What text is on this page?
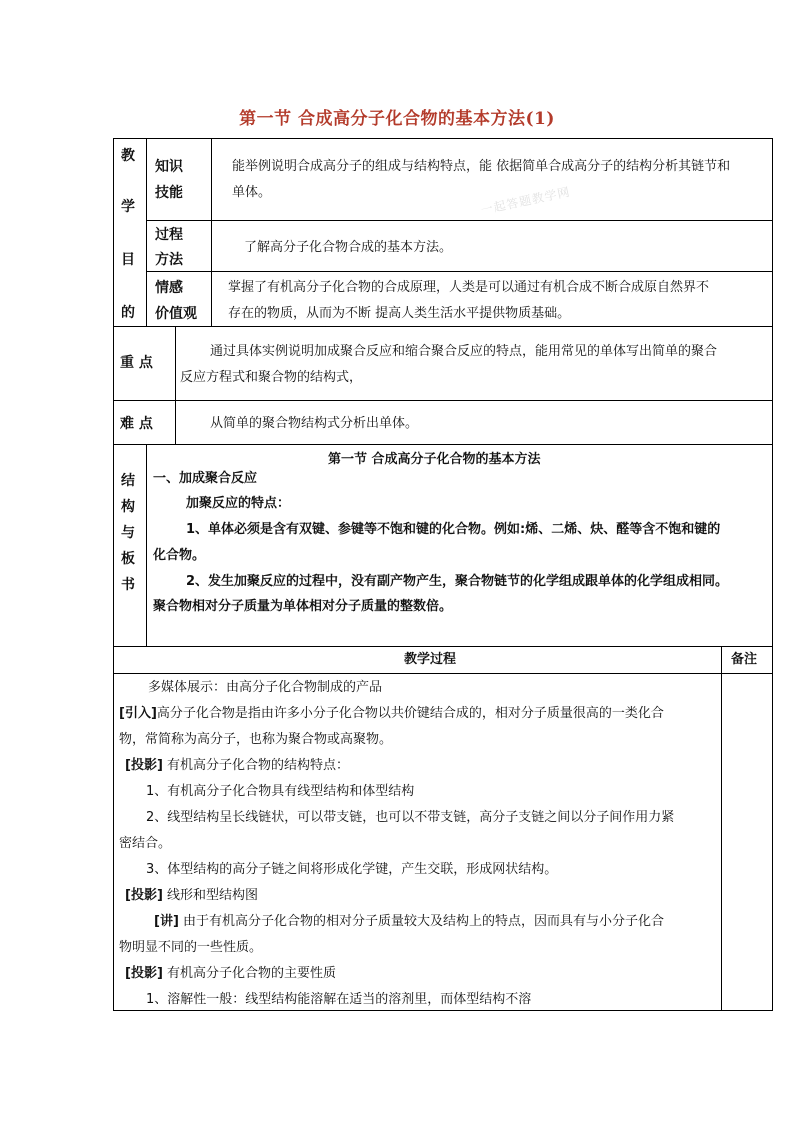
第一节 合成高分子化合物的基本方法(1)
教
学
目
的
知识
技能
能举例说明合成高分子的组成与结构特点，能 依据简单合成高分子的结构分析其链节和
单体。
过程
方法
了解高分子化合物合成的基本方法。
情感
价值观
掌握了有机高分子化合物的合成原理，人类是可以通过有机合成不断合成原自然界不
存在的物质，从而为不断 提高人类生活水平提供物质基础。
一起答题教学网
重 点
通过具体实例说明加成聚合反应和缩合聚合反应的特点，能用常见的单体写出简单的聚合
反应方程式和聚合物的结构式，
难 点	从简单的聚合物结构式分析出单体。
结
构
与
板
书
第一节 合成高分子化合物的基本方法
一、加成聚合反应
加聚反应的特点：
1、单体必须是含有双键、参键等不饱和键的化合物。例如:烯、二烯、炔、醛等含不饱和键的
化合物。
2、发生加聚反应的过程中，没有副产物产生，聚合物链节的化学组成跟单体的化学组成相同。
聚合物相对分子质量为单体相对分子质量的整数倍。
教学过程	备注
多媒体展示：由高分子化合物制成的产品
[引入]高分子化合物是指由许多小分子化合物以共价键结合成的，相对分子质量很高的一类化合
物，常简称为高分子，也称为聚合物或高聚物。
[投影] 有机高分子化合物的结构特点：
1、有机高分子化合物具有线型结构和体型结构
2、线型结构呈长线链状，可以带支链，也可以不带支链，高分子支链之间以分子间作用力紧
密结合。
3、体型结构的高分子链之间将形成化学键，产生交联，形成网状结构。
[投影] 线形和型结构图
[讲] 由于有机高分子化合物的相对分子质量较大及结构上的特点，因而具有与小分子化合
物明显不同的一些性质。
[投影] 有机高分子化合物的主要性质
1、溶解性一般：线型结构能溶解在适当的溶剂里，而体型结构不溶
